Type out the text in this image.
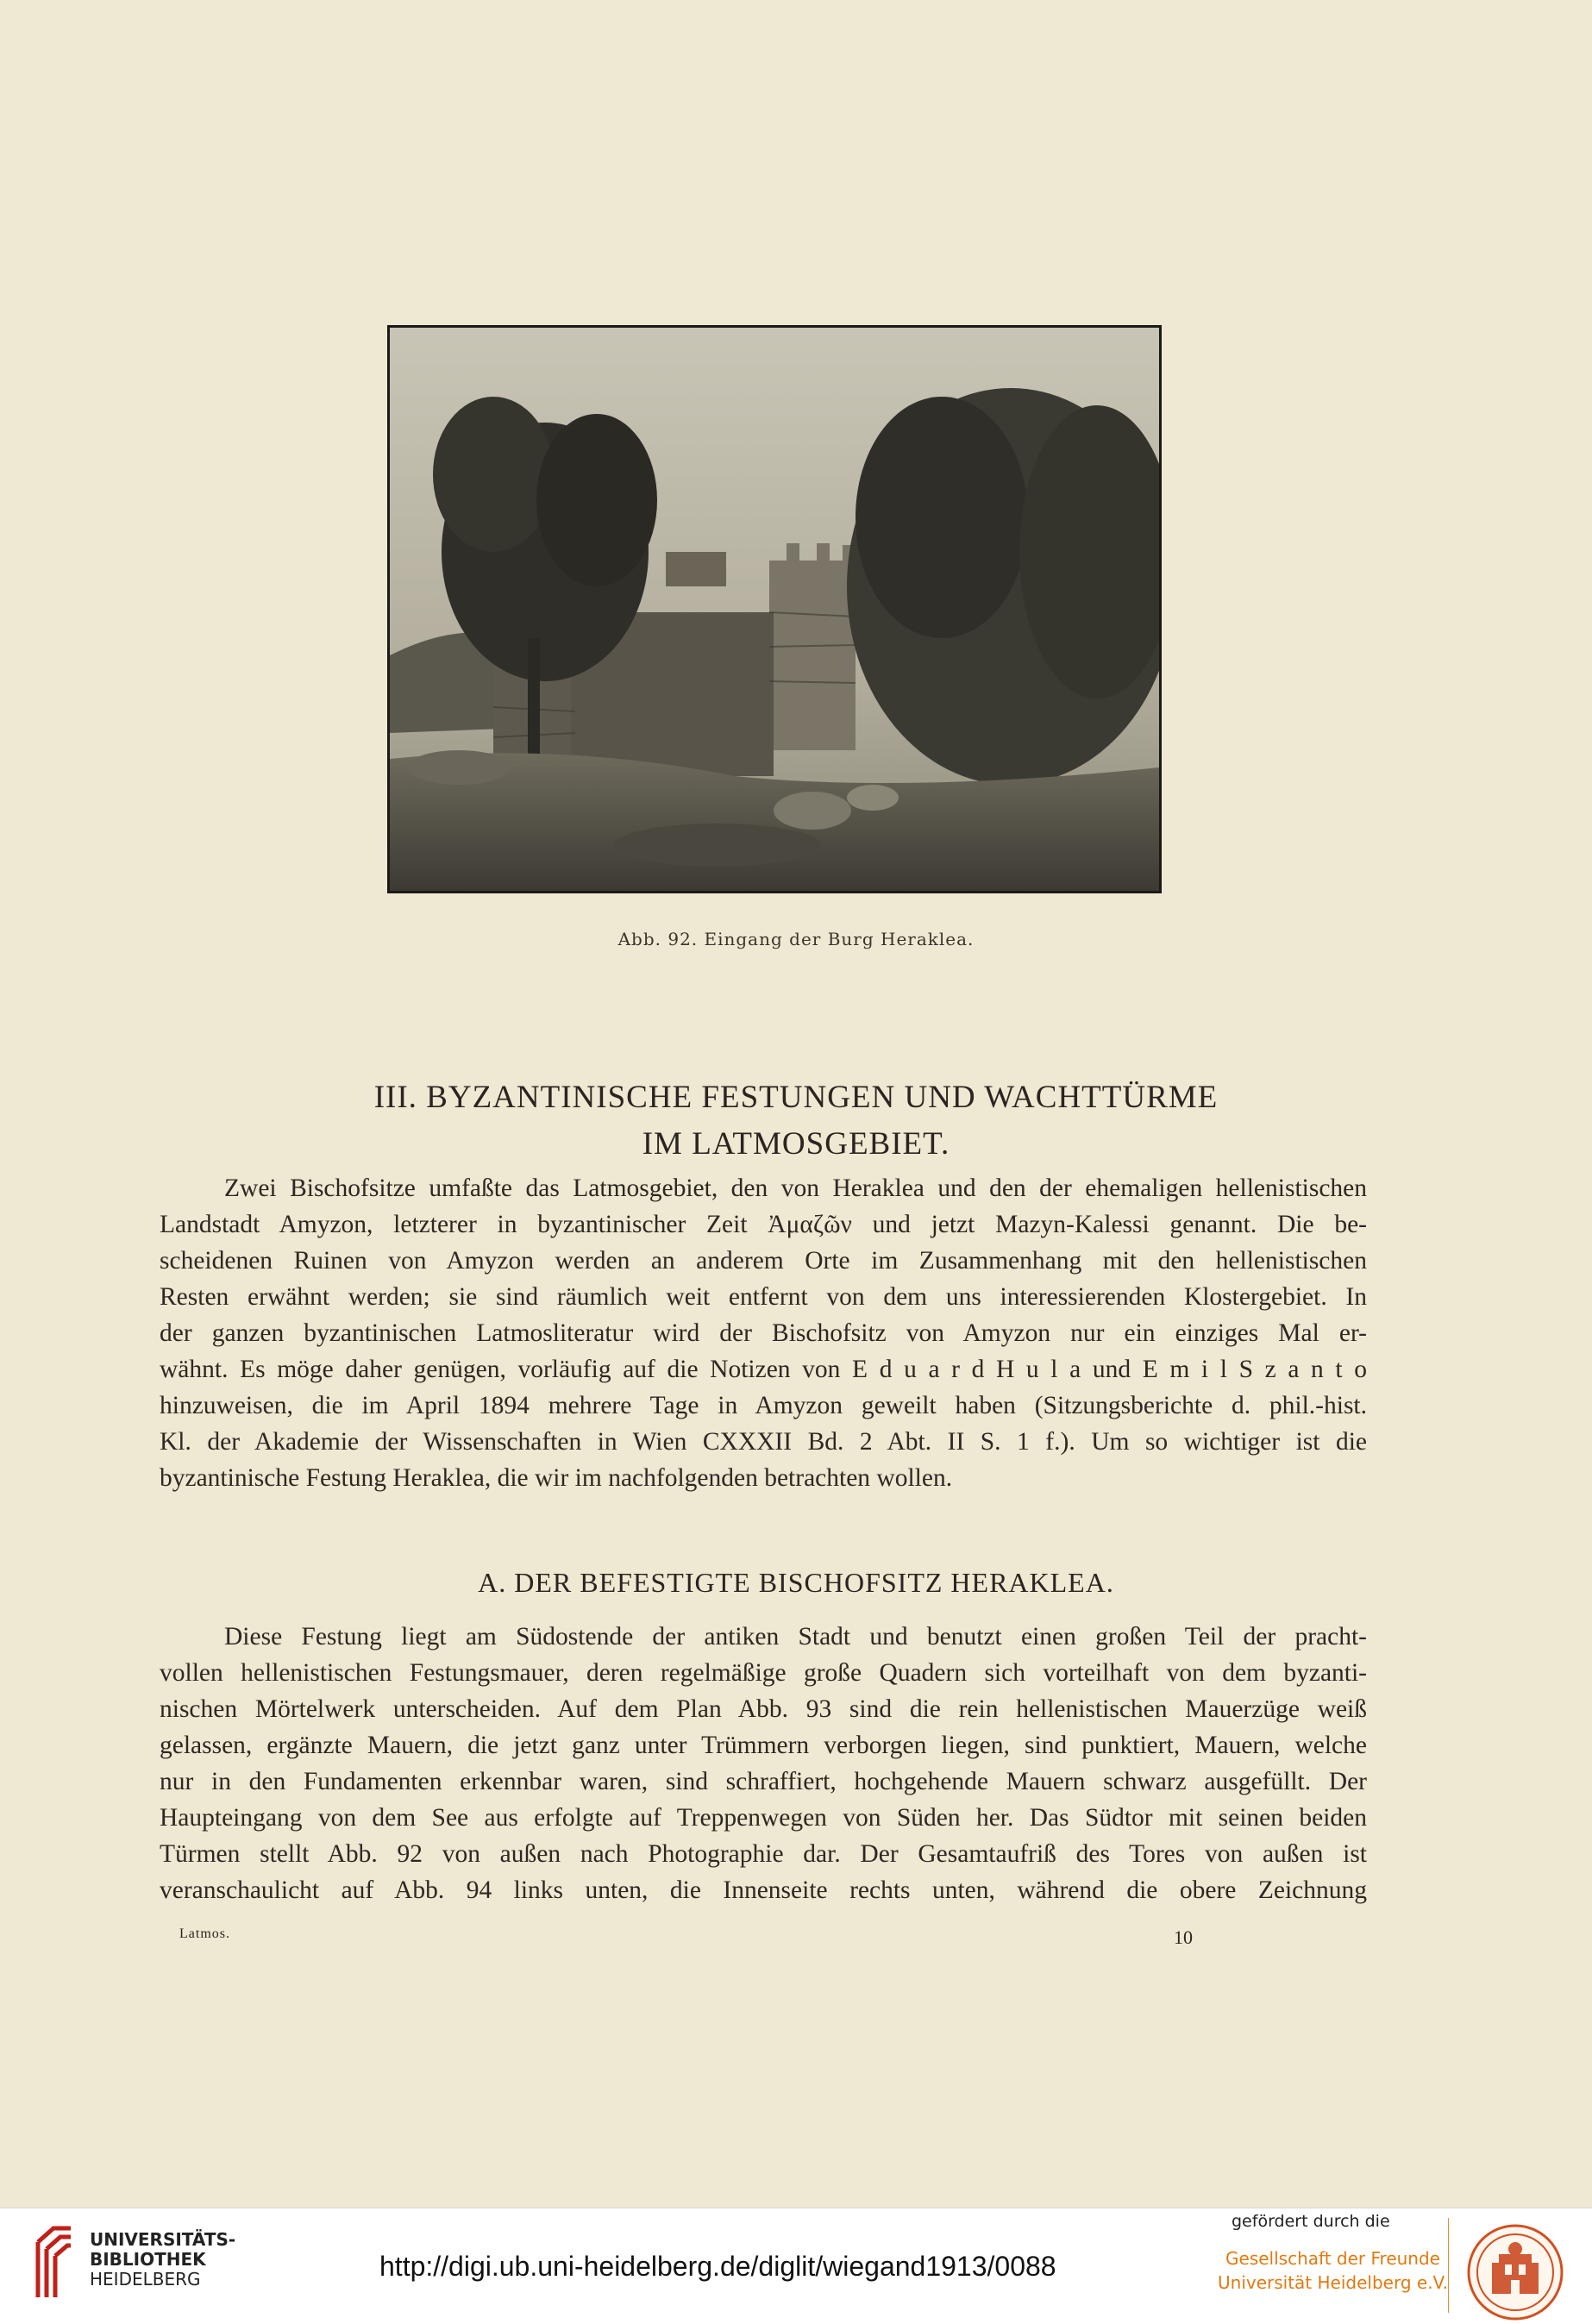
Abb. 92. Eingang der Burg Heraklea.
III. BYZANTINISCHE FESTUNGEN UND WACHTTÜRME
IM LATMOSGEBIET.
Zwei Bischofsitze umfaßte das Latmosgebiet, den von Heraklea und den der ehemaligen hellenistischen
Landstadt Amyzon, letzterer in byzantinischer Zeit Ἀμαζῶν und jetzt Mazyn-Kalessi genannt. Die be-
scheidenen Ruinen von Amyzon werden an anderem Orte im Zusammenhang mit den hellenistischen
Resten erwähnt werden; sie sind räumlich weit entfernt von dem uns interessierenden Klostergebiet. In
der ganzen byzantinischen Latmosliteratur wird der Bischofsitz von Amyzon nur ein einziges Mal er-
wähnt. Es möge daher genügen, vorläufig auf die Notizen von E d u a r d H u l a und E m i l S z a n t o
hinzuweisen, die im April 1894 mehrere Tage in Amyzon geweilt haben (Sitzungsberichte d. phil.-hist.
Kl. der Akademie der Wissenschaften in Wien CXXXII Bd. 2 Abt. II S. 1 f.). Um so wichtiger ist die
byzantinische Festung Heraklea, die wir im nachfolgenden betrachten wollen.
A. DER BEFESTIGTE BISCHOFSITZ HERAKLEA.
Diese Festung liegt am Südostende der antiken Stadt und benutzt einen großen Teil der pracht-
vollen hellenistischen Festungsmauer, deren regelmäßige große Quadern sich vorteilhaft von dem byzanti-
nischen Mörtelwerk unterscheiden. Auf dem Plan Abb. 93 sind die rein hellenistischen Mauerzüge weiß
gelassen, ergänzte Mauern, die jetzt ganz unter Trümmern verborgen liegen, sind punktiert, Mauern, welche
nur in den Fundamenten erkennbar waren, sind schraffiert, hochgehende Mauern schwarz ausgefüllt. Der
Haupteingang von dem See aus erfolgte auf Treppenwegen von Süden her. Das Südtor mit seinen beiden
Türmen stellt Abb. 92 von außen nach Photographie dar. Der Gesamtaufriß des Tores von außen ist
veranschaulicht auf Abb. 94 links unten, die Innenseite rechts unten, während die obere Zeichnung
Latmos.	10
UNIVERSITÄTS-
BIBLIOTHEK
HEIDELBERG	http://digi.ub.uni-heidelberg.de/diglit/wiegand1913/0088
gefördert durch die
Gesellschaft der Freunde
Universität Heidelberg e.V.
